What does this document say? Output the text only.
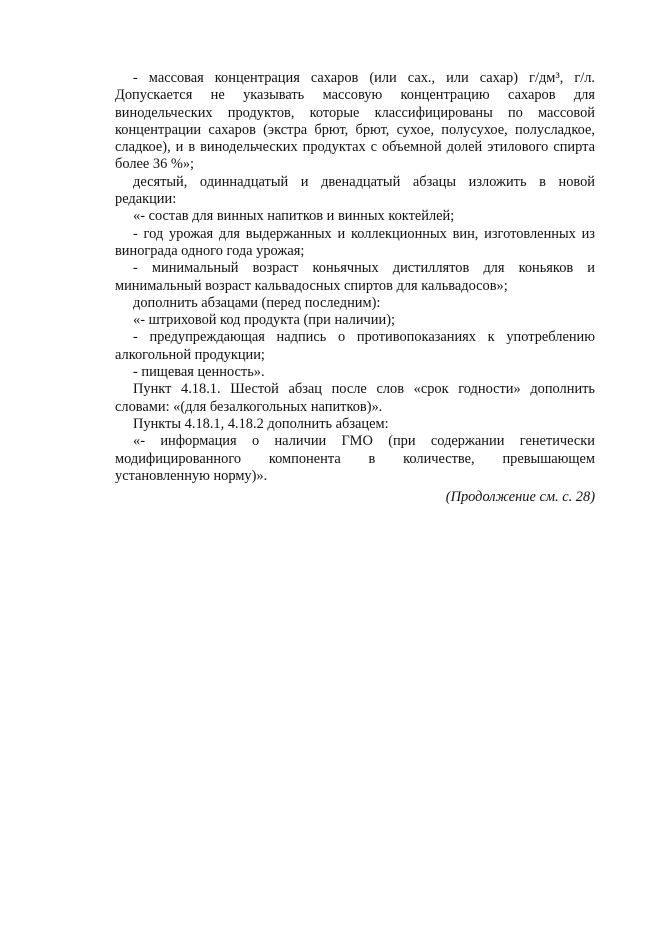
- массовая концентрация сахаров (или сах., или сахар) г/дм³, г/л. Допускается не указывать массовую концентрацию сахаров для винодельческих продуктов, которые классифицированы по массовой концентрации сахаров (экстра брют, брют, сухое, полусухое, полусладкое, сладкое), и в винодельческих продуктах с объемной долей этилового спирта более 36 %»;

десятый, одиннадцатый и двенадцатый абзацы изложить в новой редакции:

«- состав для винных напитков и винных коктейлей;

- год урожая для выдержанных и коллекционных вин, изготовленных из винограда одного года урожая;

- минимальный возраст коньячных дистиллятов для коньяков и минимальный возраст кальвадосных спиртов для кальвадосов»;

дополнить абзацами (перед последним):

«- штриховой код продукта (при наличии);

- предупреждающая надпись о противопоказаниях к употреблению алкогольной продукции;

- пищевая ценность».

Пункт 4.18.1. Шестой абзац после слов «срок годности» дополнить словами: «(для безалкогольных напитков)».

Пункты 4.18.1, 4.18.2 дополнить абзацем:

«- информация о наличии ГМО (при содержании генетически модифицированного компонента в количестве, превышающем установленную норму)».

(Продолжение см. с. 28)
